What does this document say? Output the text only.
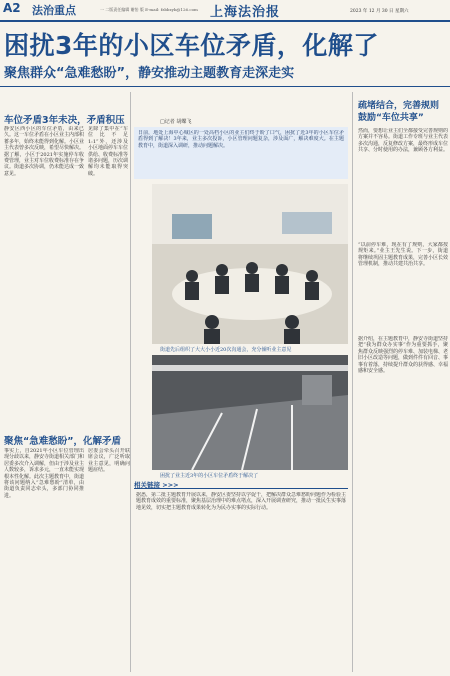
A2 法治重点	一 二版责任编辑 谢怡 版 E-mail: fzbbzyb@126.com 上海法治报	2023 年 12 月 30 日 星期六
困扰3年的小区车位矛盾，化解了
聚焦群众“急难愁盼”，静安推动主题教育走深走实
车位矛盾3年未决，矛盾积压
静安区西小区的车位矛盾，由来已久。这一车位矛盾在小区业主内部积蓄多年，始终未能得到化解。小区业主代表曾多次反映，希望尽快解决。据了解，小区于2021年实施停车收费管理，业主对车位收费标准存在争议。街道多次协调，仍未能达成一致意见。
聚焦“急难愁盼”，化解矛盾
事实上，自2021年小区车位管理出现分歧以来，静安寺街道相关部门和居委多次介入调解，但由于涉及业主人数较多，诉求多元，一直未能实现根本性化解。此次主题教育中，街道将该问题纳入“急难愁盼”清单，由街道负责同志牵头，多部门协同推进。
见除了集中在“车位比不足1:1”外，还涉及小区地面停车车位供给、收费标准等诸多问题，历次调解均未能取得突破。
居委会牵头召开联席会议，广泛听取业主意见，明确问题症结。
□记者 胡蝶飞
日前，地处上海中心城区的一处高档小区的业主们终于盼了口气，困扰了近3年的小区车位矛盾得到了解决！3年来，业主多次投诉，小区管理问题复杂，涉及面广，解决难度大。在主题教育中，街道深入调研，推动问题解决。
街道先后组织了大大小小近20次沟通会，充分倾听业主意见
困扰了业主近3年的小区车位矛盾终于解决了
相关链接 >>>
据悉，第二批主题教育开展以来，静安区委坚持以学促干，把解决群众急难愁盼问题作为检验主题教育成效的重要标准，聚焦基层治理中的难点堵点，深入开展调查研究，推动一批民生实事落地见效，切实把主题教育成果转化为为民办实事的实际行动。
疏堵结合，完善规则 鼓励“车位共享”
然而，要想让业主们全都接受完善规则的方案并不容易。街道工作专班与业主代表多次沟通，反复修改方案，最终形成车位共享、分时使用的办法，兼顾各方利益。
“以前停车难，现在有了规则，大家都按规矩来。”业主王先生说。下一步，街道将继续巩固主题教育成果，完善小区长效管理机制，推动共建共治共享。
据介绍，在主题教育中，静安寺街道坚持把“我为群众办实事”作为重要抓手，聚焦群众反映强烈的停车难、加装电梯、老旧小区改造等问题，做到件件有回音、事事有着落，持续提升群众的获得感、幸福感和安全感。
